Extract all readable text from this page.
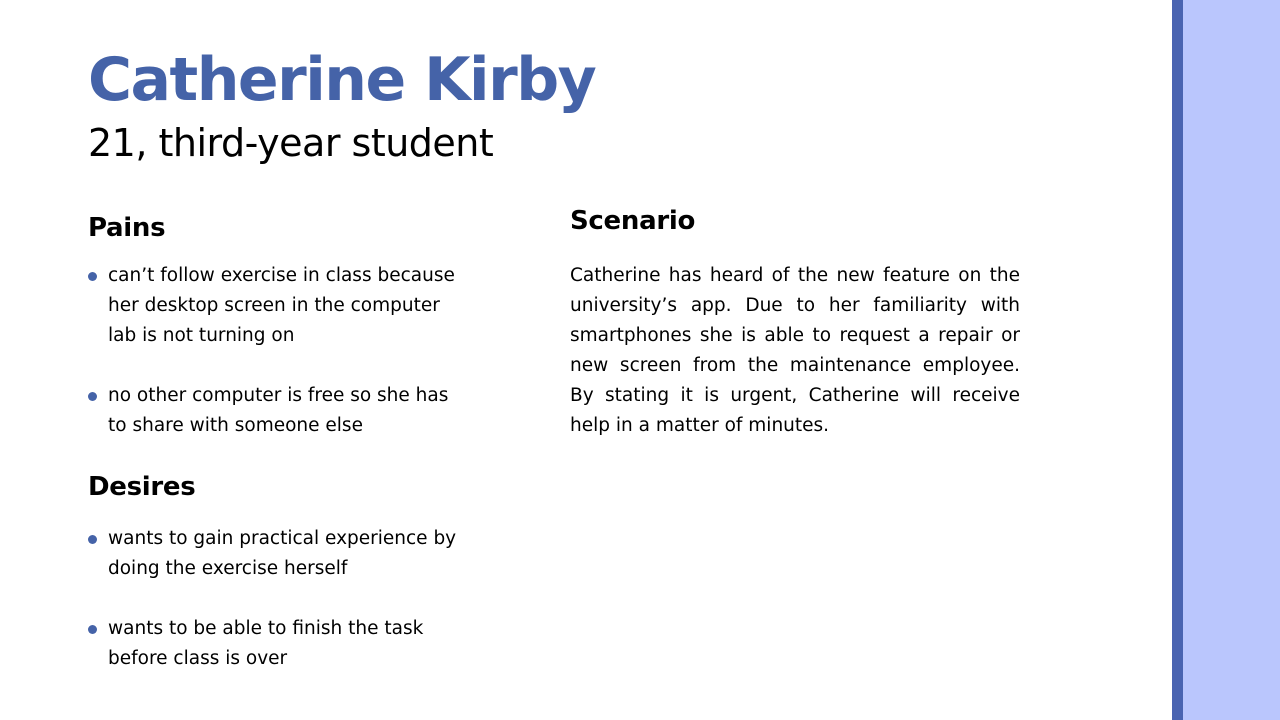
Catherine Kirby
21, third-year student
Pains
can’t follow exercise in class because her desktop screen in the computer lab is not turning on
no other computer is free so she has to share with someone else
Desires
wants to gain practical experience by doing the exercise herself
wants to be able to finish the task before class is over
Scenario

Catherine has heard of the new feature on the university’s app. Due to her familiarity with smartphones she is able to request a repair or new screen from the maintenance employee. By stating it is urgent, Catherine will receive help in a matter of minutes.
